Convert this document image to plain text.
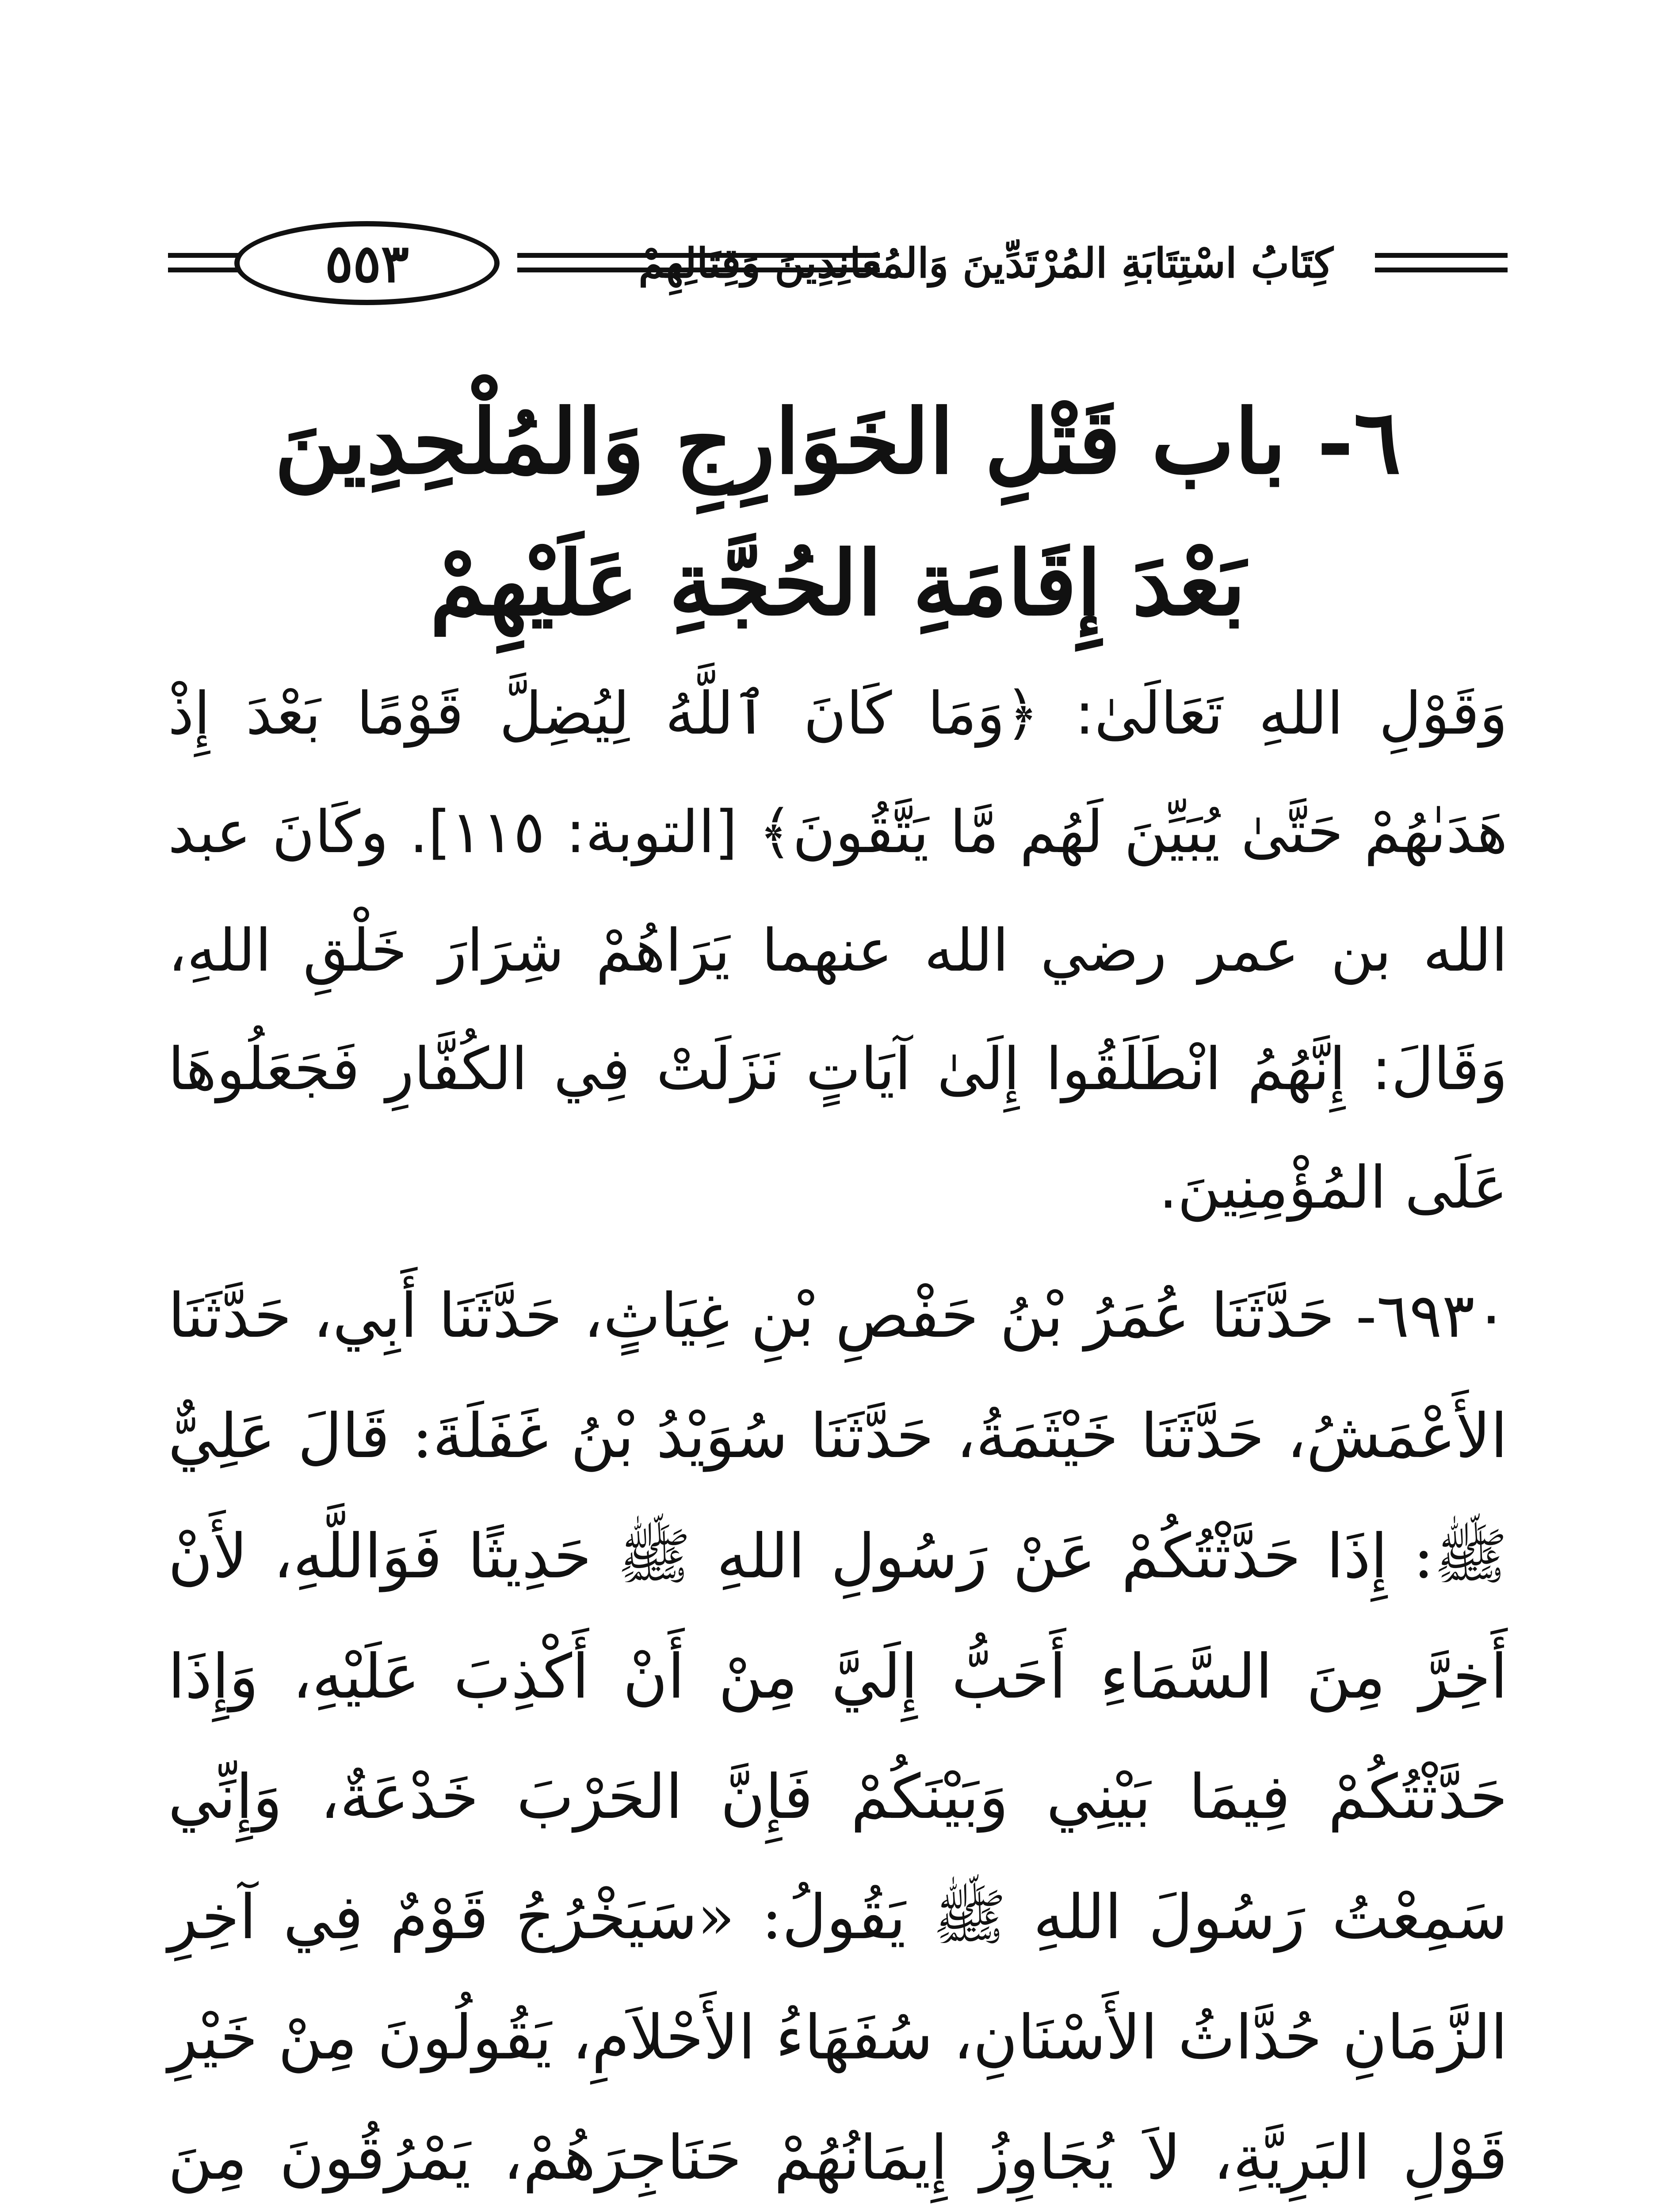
٥٥٣	كِتَابُ اسْتِتَابَةِ المُرْتَدِّينَ وَالمُعَانِدِينَ وَقِتَالِهِمْ
٦- باب قَتْلِ الخَوَارِجِ وَالمُلْحِدِينَ
بَعْدَ إِقَامَةِ الحُجَّةِ عَلَيْهِمْ

وَقَوْلِ اللهِ تَعَالَىٰ: ﴿وَمَا كَانَ ٱللَّهُ لِيُضِلَّ قَوْمًا بَعْدَ إِذْ هَدَىٰهُمْ حَتَّىٰ يُبَيِّنَ لَهُم مَّا يَتَّقُونَ﴾ [التوبة: ١١٥]. وكَانَ عبد الله بن عمر رضي الله عنهما يَرَاهُمْ شِرَارَ خَلْقِ اللهِ، وَقَالَ: إِنَّهُمُ انْطَلَقُوا إِلَىٰ آيَاتٍ نَزَلَتْ فِي الكُفَّارِ فَجَعَلُوهَا عَلَى المُؤْمِنِينَ.

٦٩٣٠- حَدَّثَنَا عُمَرُ بْنُ حَفْصِ بْنِ غِيَاثٍ، حَدَّثَنَا أَبِي، حَدَّثَنَا الأَعْمَشُ، حَدَّثَنَا خَيْثَمَةُ، حَدَّثَنَا سُوَيْدُ بْنُ غَفَلَةَ: قَالَ عَلِيٌّ ﷺ: إِذَا حَدَّثْتُكُمْ عَنْ رَسُولِ اللهِ ﷺ حَدِيثًا فَوَاللَّهِ، لأَنْ أَخِرَّ مِنَ السَّمَاءِ أَحَبُّ إِلَيَّ مِنْ أَنْ أَكْذِبَ عَلَيْهِ، وَإِذَا حَدَّثْتُكُمْ فِيمَا بَيْنِي وَبَيْنَكُمْ فَإِنَّ الحَرْبَ خَدْعَةٌ، وَإِنِّي سَمِعْتُ رَسُولَ اللهِ ﷺ يَقُولُ: «سَيَخْرُجُ قَوْمٌ فِي آخِرِ الزَّمَانِ حُدَّاثُ الأَسْنَانِ، سُفَهَاءُ الأَحْلاَمِ، يَقُولُونَ مِنْ خَيْرِ قَوْلِ البَرِيَّةِ، لاَ يُجَاوِزُ إِيمَانُهُمْ حَنَاجِرَهُمْ، يَمْرُقُونَ مِنَ
